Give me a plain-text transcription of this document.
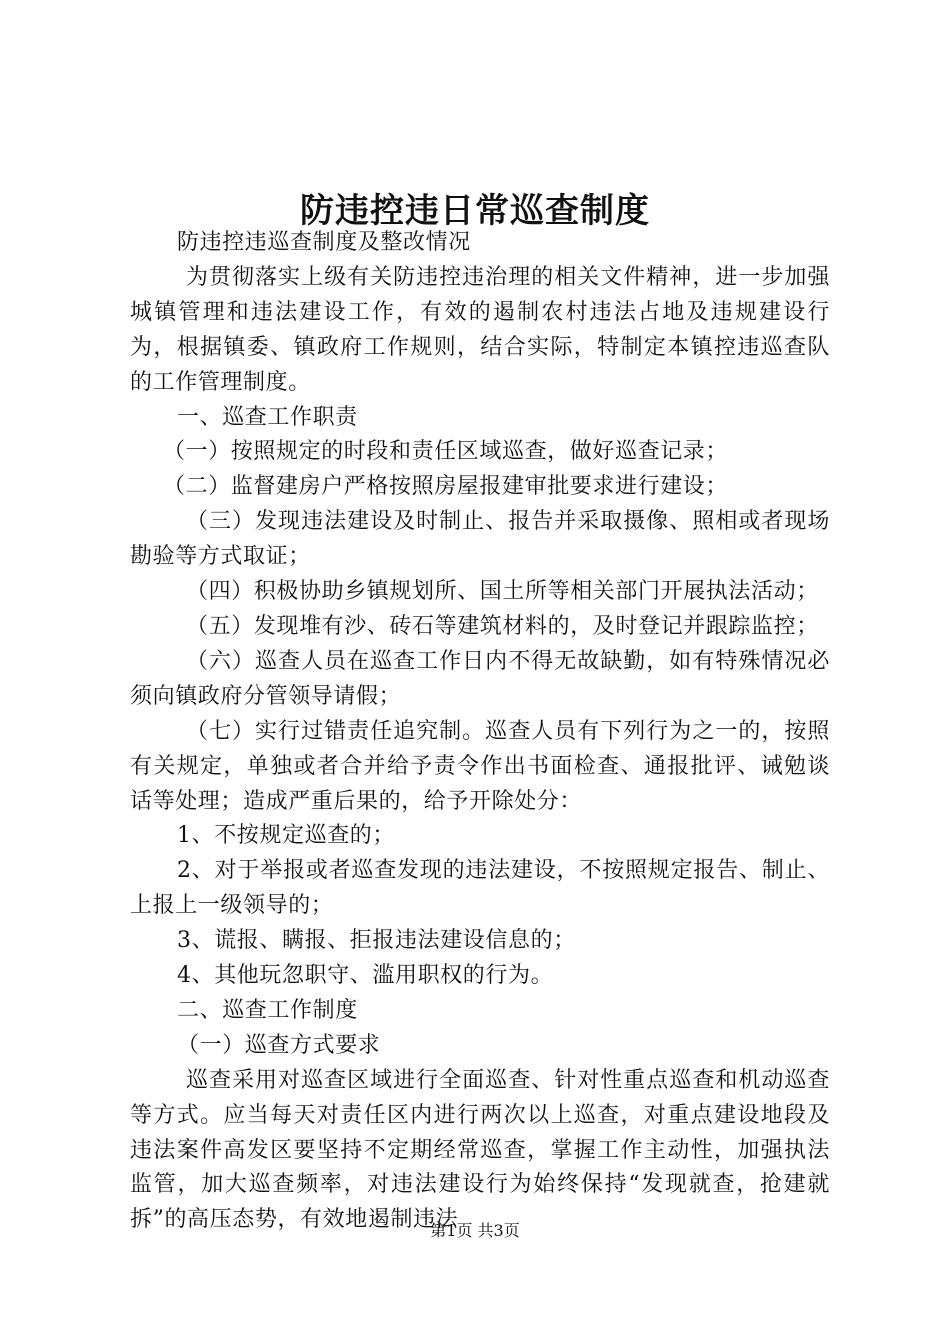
防违控违日常巡查制度

防违控违巡查制度及整改情况

为贯彻落实上级有关防违控违治理的相关文件精神，进一步加强城镇管理和违法建设工作，有效的遏制农村违法占地及违规建设行为，根据镇委、镇政府工作规则，结合实际，特制定本镇控违巡查队的工作管理制度。

一、巡查工作职责

（一）按照规定的时段和责任区域巡查，做好巡查记录；

（二）监督建房户严格按照房屋报建审批要求进行建设；

（三）发现违法建设及时制止、报告并采取摄像、照相或者现场勘验等方式取证；

（四）积极协助乡镇规划所、国土所等相关部门开展执法活动；

（五）发现堆有沙、砖石等建筑材料的，及时登记并跟踪监控；

（六）巡查人员在巡查工作日内不得无故缺勤，如有特殊情况必须向镇政府分管领导请假；

（七）实行过错责任追究制。巡查人员有下列行为之一的，按照有关规定，单独或者合并给予责令作出书面检查、通报批评、诫勉谈话等处理；造成严重后果的，给予开除处分：

1、不按规定巡查的；

2、对于举报或者巡查发现的违法建设，不按照规定报告、制止、上报上一级领导的；

3、谎报、瞒报、拒报违法建设信息的；

4、其他玩忽职守、滥用职权的行为。

二、巡查工作制度

（一）巡查方式要求

巡查采用对巡查区域进行全面巡查、针对性重点巡查和机动巡查等方式。应当每天对责任区内进行两次以上巡查，对重点建设地段及违法案件高发区要坚持不定期经常巡查，掌握工作主动性，加强执法监管，加大巡查频率，对违法建设行为始终保持“发现就查，抢建就拆”的高压态势，有效地遏制违法

第1页 共3页
